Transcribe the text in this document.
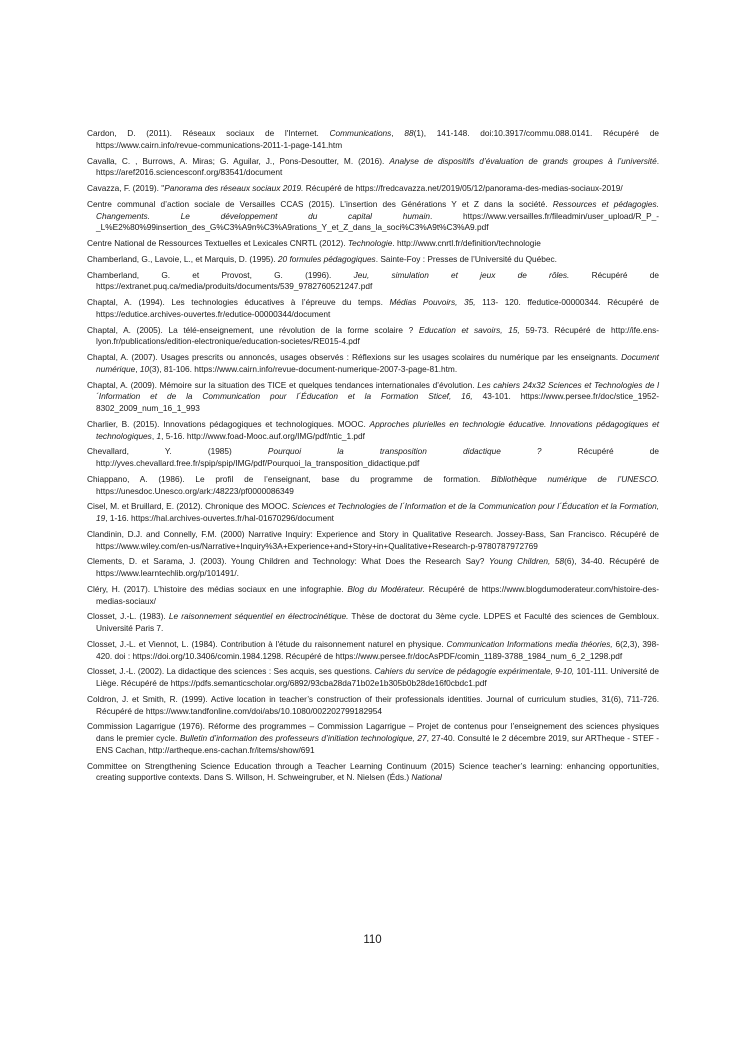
Cardon, D. (2011). Réseaux sociaux de l'Internet. Communications, 88(1), 141-148. doi:10.3917/commu.088.0141. Récupéré de https://www.cairn.info/revue-communications-2011-1-page-141.htm

Cavalla, C. , Burrows, A. Miras; G. Aguilar, J., Pons-Desoutter, M. (2016). Analyse de dispositifs d’évaluation de grands groupes à l’université. https://aref2016.sciencesconf.org/83541/document

Cavazza, F. (2019). "Panorama des réseaux sociaux 2019. Récupéré de https://fredcavazza.net/2019/05/12/panorama-des-medias-sociaux-2019/

Centre communal d’action sociale de Versailles CCAS (2015). L’insertion des Générations Y et Z dans la société. Ressources et pédagogies. Changements. Le développement du capital humain. https://www.versailles.fr/fileadmin/user_upload/R_P_-_L%E2%80%99insertion_des_G%C3%A9n%C3%A9rations_Y_et_Z_dans_la_soci%C3%A9t%C3%A9.pdf

Centre National de Ressources Textuelles et Lexicales CNRTL (2012). Technologie. http://www.cnrtl.fr/definition/technologie

Chamberland, G., Lavoie, L., et Marquis, D. (1995). 20 formules pédagogiques. Sainte-Foy : Presses de l’Université du Québec.

Chamberland, G. et Provost, G. (1996). Jeu, simulation et jeux de rôles. Récupéré de https://extranet.puq.ca/media/produits/documents/539_9782760521247.pdf

Chaptal, A. (1994). Les technologies éducatives à l’épreuve du temps. Médias Pouvoirs, 35, 113- 120. ffedutice-00000344. Récupéré de https://edutice.archives-ouvertes.fr/edutice-00000344/document

Chaptal, A. (2005). La télé-enseignement, une révolution de la forme scolaire ? Education et savoirs, 15, 59-73. Récupéré de http://ife.ens-lyon.fr/publications/edition-electronique/education-societes/RE015-4.pdf

Chaptal, A. (2007). Usages prescrits ou annoncés, usages observés : Réflexions sur les usages scolaires du numérique par les enseignants. Document numérique, 10(3), 81-106. https://www.cairn.info/revue-document-numerique-2007-3-page-81.htm.

Chaptal, A. (2009). Mémoire sur la situation des TICE et quelques tendances internationales d’évolution. Les cahiers 24x32 Sciences et Technologies de l´Information et de la Communication pour l´Éducation et la Formation Sticef, 16, 43-101. https://www.persee.fr/doc/stice_1952-8302_2009_num_16_1_993

Charlier, B. (2015). Innovations pédagogiques et technologiques. MOOC. Approches plurielles en technologie éducative. Innovations pédagogiques et technologiques, 1, 5-16. http://www.foad-Mooc.auf.org/IMG/pdf/ntic_1.pdf

Chevallard, Y. (1985) Pourquoi la transposition didactique ? Récupéré de http://yves.chevallard.free.fr/spip/spip/IMG/pdf/Pourquoi_la_transposition_didactique.pdf

Chiappano, A. (1986). Le profil de l’enseignant, base du programme de formation. Bibliothèque numérique de l’UNESCO. https://unesdoc.Unesco.org/ark:/48223/pf0000086349

Cisel, M. et Bruillard, E. (2012). Chronique des MOOC. Sciences et Technologies de l´Information et de la Communication pour l´Éducation et la Formation, 19, 1-16. https://hal.archives-ouvertes.fr/hal-01670296/document

Clandinin, D.J. and Connelly, F.M. (2000) Narrative Inquiry: Experience and Story in Qualitative Research. Jossey-Bass, San Francisco. Récupéré de https://www.wiley.com/en-us/Narrative+Inquiry%3A+Experience+and+Story+in+Qualitative+Research-p-9780787972769

Clements, D. et Sarama, J. (2003). Young Children and Technology: What Does the Research Say? Young Children, 58(6), 34-40. Récupéré de https://www.learntechlib.org/p/101491/.

Cléry, H. (2017). L’histoire des médias sociaux en une infographie. Blog du Modérateur. Récupéré de https://www.blogdumoderateur.com/histoire-des-medias-sociaux/

Closset, J.-L. (1983). Le raisonnement séquentiel en électrocinétique. Thèse de doctorat du 3ème cycle. LDPES et Faculté des sciences de Gembloux. Université Paris 7.

Closset, J.-L. et Viennot, L. (1984). Contribution à l'étude du raisonnement naturel en physique. Communication Informations media théories, 6(2,3), 398-420. doi : https://doi.org/10.3406/comin.1984.1298. Récupéré de https://www.persee.fr/docAsPDF/comin_1189-3788_1984_num_6_2_1298.pdf

Closset, J.-L. (2002). La didactique des sciences : Ses acquis, ses questions. Cahiers du service de pédagogie expérimentale, 9-10, 101-111. Université de Liège. Récupéré de https://pdfs.semanticscholar.org/6892/93cba28da71b02e1b305b0b28de16f0cbdc1.pdf

Coldron, J. et Smith, R. (1999). Active location in teacher’s construction of their professionals identities. Journal of curriculum studies, 31(6), 711-726. Récupéré de https://www.tandfonline.com/doi/abs/10.1080/002202799182954

Commission Lagarrigue (1976). Réforme des programmes – Commission Lagarrigue – Projet de contenus pour l’enseignement des sciences physiques dans le premier cycle. Bulletin d’information des professeurs d’initiation technologique, 27, 27-40. Consulté le 2 décembre 2019, sur ARTheque - STEF - ENS Cachan, http://artheque.ens-cachan.fr/items/show/691

Committee on Strengthening Science Education through a Teacher Learning Continuum (2015) Science teacher’s learning: enhancing opportunities, creating supportive contexts. Dans S. Willson, H. Schweingruber, et N. Nielsen (Éds.) National

110
